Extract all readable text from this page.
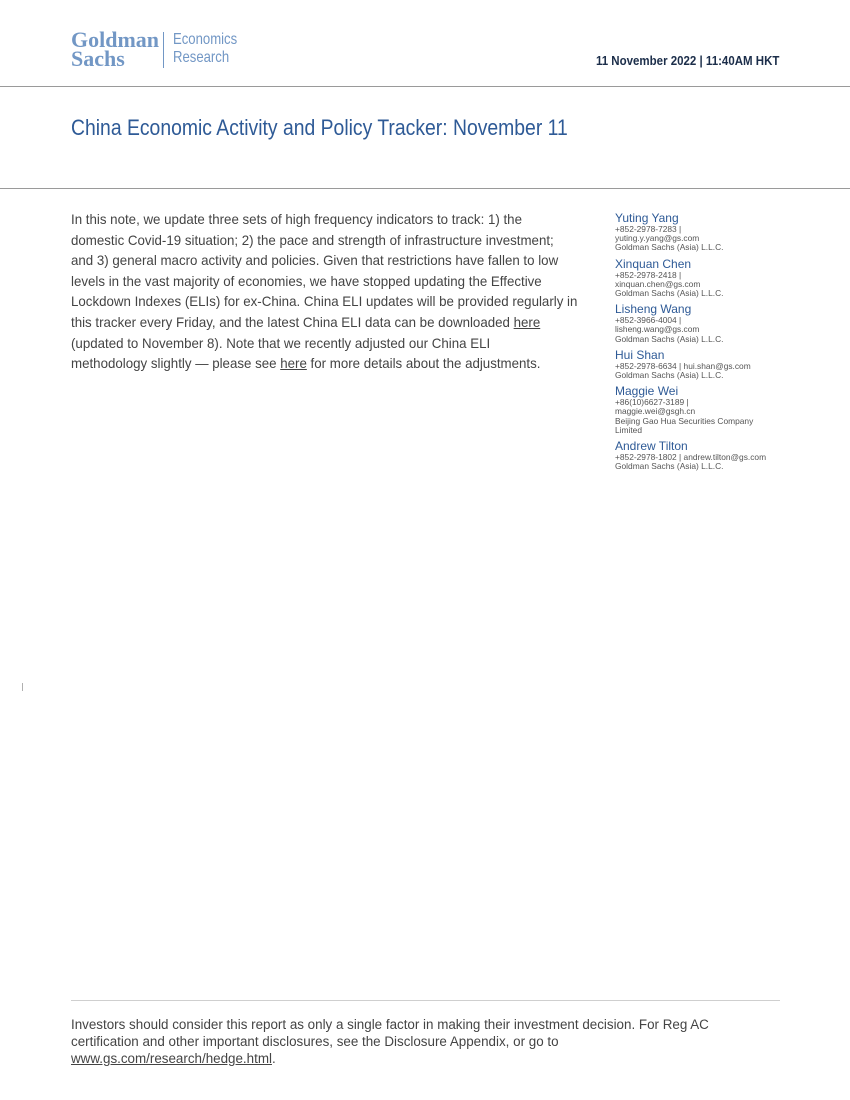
Goldman
Sachs
Economics
Research	11 November 2022 | 11:40AM HKT
China Economic Activity and Policy Tracker: November 11
In this note, we update three sets of high frequency indicators to track: 1) the
domestic Covid-19 situation; 2) the pace and strength of infrastructure investment;
and 3) general macro activity and policies. Given that restrictions have fallen to low
levels in the vast majority of economies, we have stopped updating the Effective
Lockdown Indexes (ELIs) for ex-China. China ELI updates will be provided regularly in
this tracker every Friday, and the latest China ELI data can be downloaded here
(updated to November 8). Note that we recently adjusted our China ELI
methodology slightly — please see here for more details about the adjustments.
Yuting Yang
+852-2978-7283 |
yuting.y.yang@gs.com
Goldman Sachs (Asia) L.L.C.
Xinquan Chen
+852-2978-2418 |
xinquan.chen@gs.com
Goldman Sachs (Asia) L.L.C.
Lisheng Wang
+852-3966-4004 |
lisheng.wang@gs.com
Goldman Sachs (Asia) L.L.C.
Hui Shan
+852-2978-6634 | hui.shan@gs.com
Goldman Sachs (Asia) L.L.C.
Maggie Wei
+86(10)6627-3189 |
maggie.wei@gsgh.cn
Beijing Gao Hua Securities Company
Limited
Andrew Tilton
+852-2978-1802 | andrew.tilton@gs.com
Goldman Sachs (Asia) L.L.C.
Investors should consider this report as only a single factor in making their investment decision. For Reg AC
certification and other important disclosures, see the Disclosure Appendix, or go to
www.gs.com/research/hedge.html.
